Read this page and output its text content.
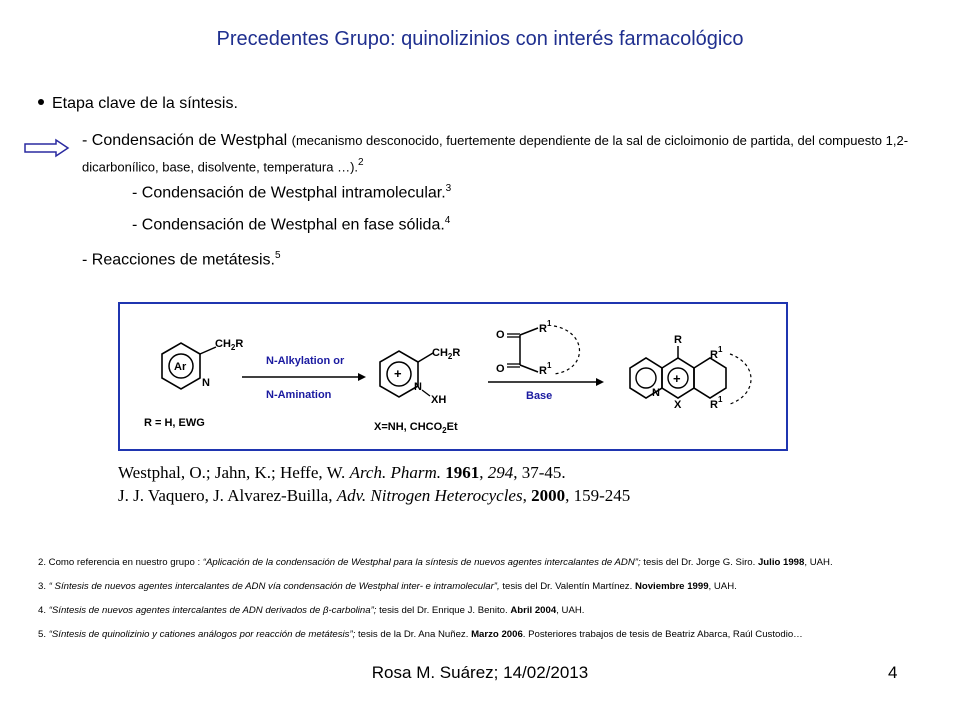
Precedentes Grupo: quinolizinios con interés farmacológico
Etapa clave de la síntesis.
- Condensación de Westphal (mecanismo desconocido, fuertemente dependiente de la sal de cicloimonio de partida, del compuesto 1,2-dicarbonílico, base, disolvente, temperatura …).$^2$
- Condensación de Westphal intramolecular.$^3$
- Condensación de Westphal en fase sólida.$^4$
- Reacciones de metátesis.$^5$
Ar
$CH_2R$
N
R = H, EWG
N-Alkylation or
N-Amination
+
$CH_2R$
N
XH
X=NH, $CHCO_2Et$
O	$R^1$
O	$R^1$
Base
+
N
X
R
$R^1$
$R^1$
Westphal, O.; Jahn, K.; Heffe, W. Arch. Pharm. 1961, 294, 37-45.
J. J. Vaquero, J. Alvarez-Builla, Adv. Nitrogen Heterocycles, 2000, 159-245
2. Como referencia en nuestro grupo : “Aplicación de la condensación de Westphal para la síntesis de nuevos agentes intercalantes de ADN”; tesis del Dr. Jorge G. Siro. Julio 1998, UAH.
3. “ Síntesis de nuevos agentes intercalantes de ADN vía condensación de Westphal inter- e intramolecular”, tesis del Dr. Valentín Martínez. Noviembre 1999, UAH.
4. “Síntesis de nuevos agentes intercalantes de ADN derivados de β-carbolina”; tesis del Dr. Enrique J. Benito. Abril 2004, UAH.
5. “Síntesis de quinolizinio y cationes análogos por reacción de metátesis”; tesis de la Dr. Ana Nuñez. Marzo 2006. Posteriores trabajos de tesis de Beatriz Abarca, Raúl Custodio…
Rosa M. Suárez; 14/02/2013	4
